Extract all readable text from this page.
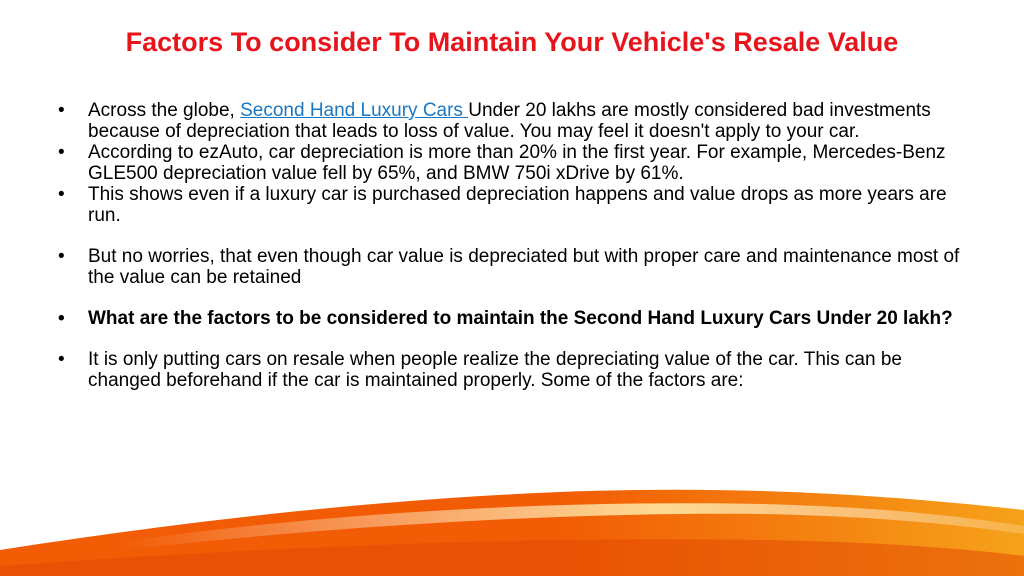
Factors To consider To Maintain Your Vehicle's Resale Value
•	Across the globe, Second Hand Luxury Cars Under 20 lakhs are mostly considered bad investments because of depreciation that leads to loss of value. You may feel it doesn't apply to your car.
•	According to ezAuto, car depreciation is more than 20% in the first year. For example, Mercedes-Benz GLE500 depreciation value fell by 65%, and BMW 750i xDrive by 61%.
•	This shows even if a luxury car is purchased depreciation happens and value drops as more years are run.
•	But no worries, that even though car value is depreciated but with proper care and maintenance most of the value can be retained
•	What are the factors to be considered to maintain the Second Hand Luxury Cars Under 20 lakh?
•	It is only putting cars on resale when people realize the depreciating value of the car. This can be changed beforehand if the car is maintained properly. Some of the factors are:
